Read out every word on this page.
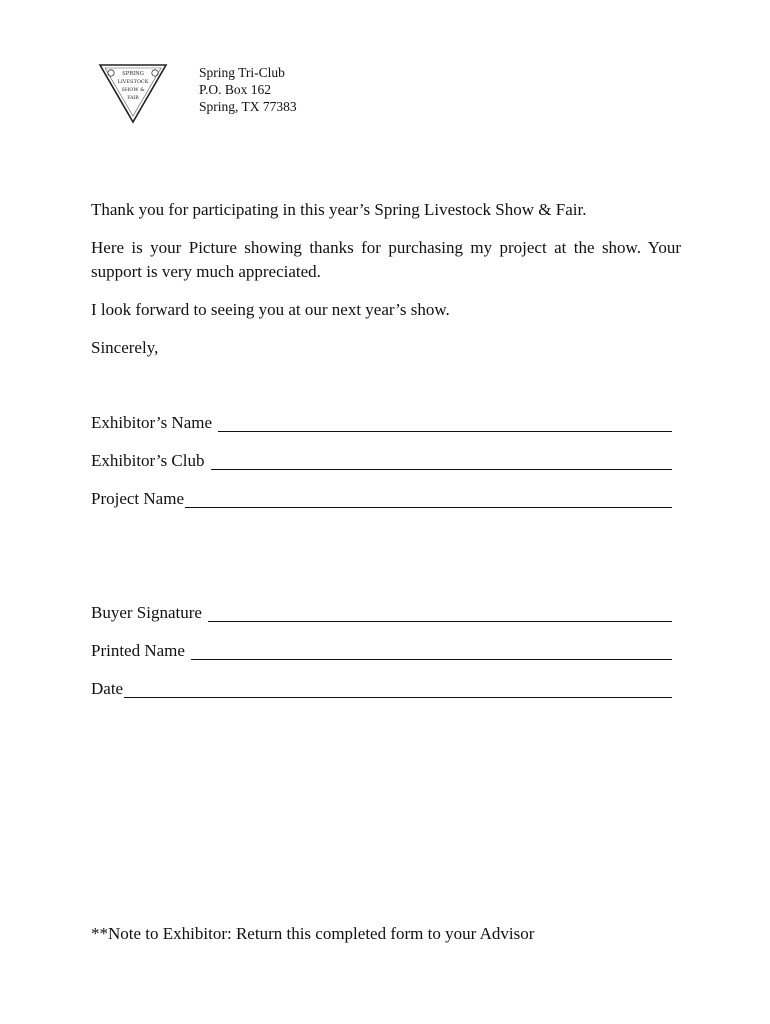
SPRING
LIVESTOCK
SHOW &
FAIR
Spring Tri-Club
P.O. Box 162
Spring, TX 77383

Thank you for participating in this year’s Spring Livestock Show & Fair.

Here is your Picture showing thanks for purchasing my project at the show. Your support is very much appreciated.

I look forward to seeing you at our next year’s show.

Sincerely,

Exhibitor’s Name
Exhibitor’s Club
Project Name
Buyer Signature
Printed Name
Date
**Note to Exhibitor: Return this completed form to your Advisor
